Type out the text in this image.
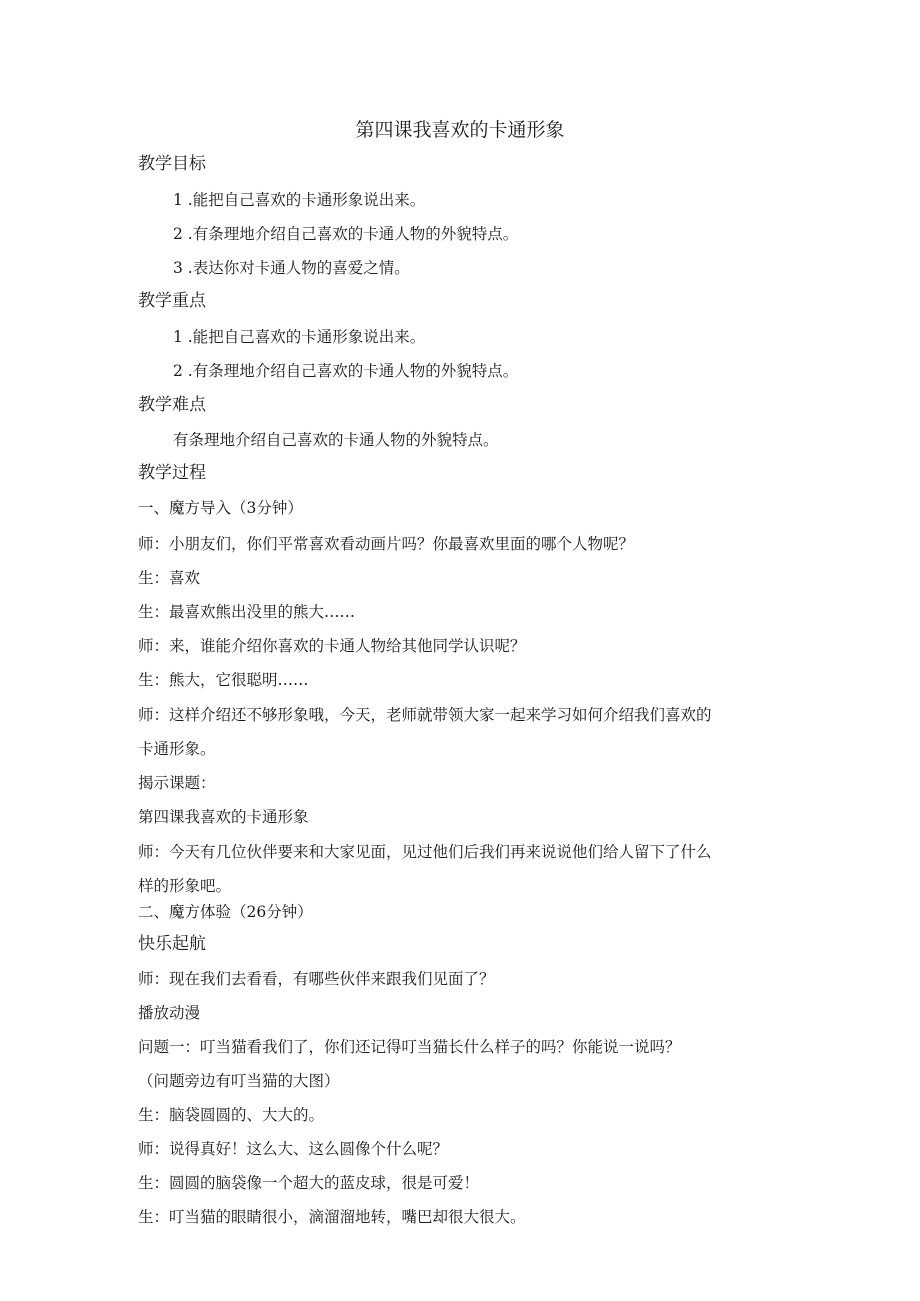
第四课我喜欢的卡通形象
教学目标
1 .能把自己喜欢的卡通形象说出来。
2 .有条理地介绍自己喜欢的卡通人物的外貌特点。
3 .表达你对卡通人物的喜爱之情。
教学重点
1 .能把自己喜欢的卡通形象说出来。
2 .有条理地介绍自己喜欢的卡通人物的外貌特点。
教学难点
有条理地介绍自己喜欢的卡通人物的外貌特点。
教学过程
一、魔方导入（3分钟）
师：小朋友们，你们平常喜欢看动画片吗？你最喜欢里面的哪个人物呢？
生：喜欢
生：最喜欢熊出没里的熊大……
师：来，谁能介绍你喜欢的卡通人物给其他同学认识呢？
生：熊大，它很聪明……
师：这样介绍还不够形象哦，今天，老师就带领大家一起来学习如何介绍我们喜欢的
卡通形象。
揭示课题：
第四课我喜欢的卡通形象
师：今天有几位伙伴要来和大家见面，见过他们后我们再来说说他们给人留下了什么
样的形象吧。
二、魔方体验（26分钟）
快乐起航
师：现在我们去看看，有哪些伙伴来跟我们见面了？
播放动漫
问题一：叮当猫看我们了，你们还记得叮当猫长什么样子的吗？你能说一说吗？
（问题旁边有叮当猫的大图）
生：脑袋圆圆的、大大的。
师：说得真好！这么大、这么圆像个什么呢？
生：圆圆的脑袋像一个超大的蓝皮球，很是可爱！
生：叮当猫的眼睛很小，滴溜溜地转，嘴巴却很大很大。
